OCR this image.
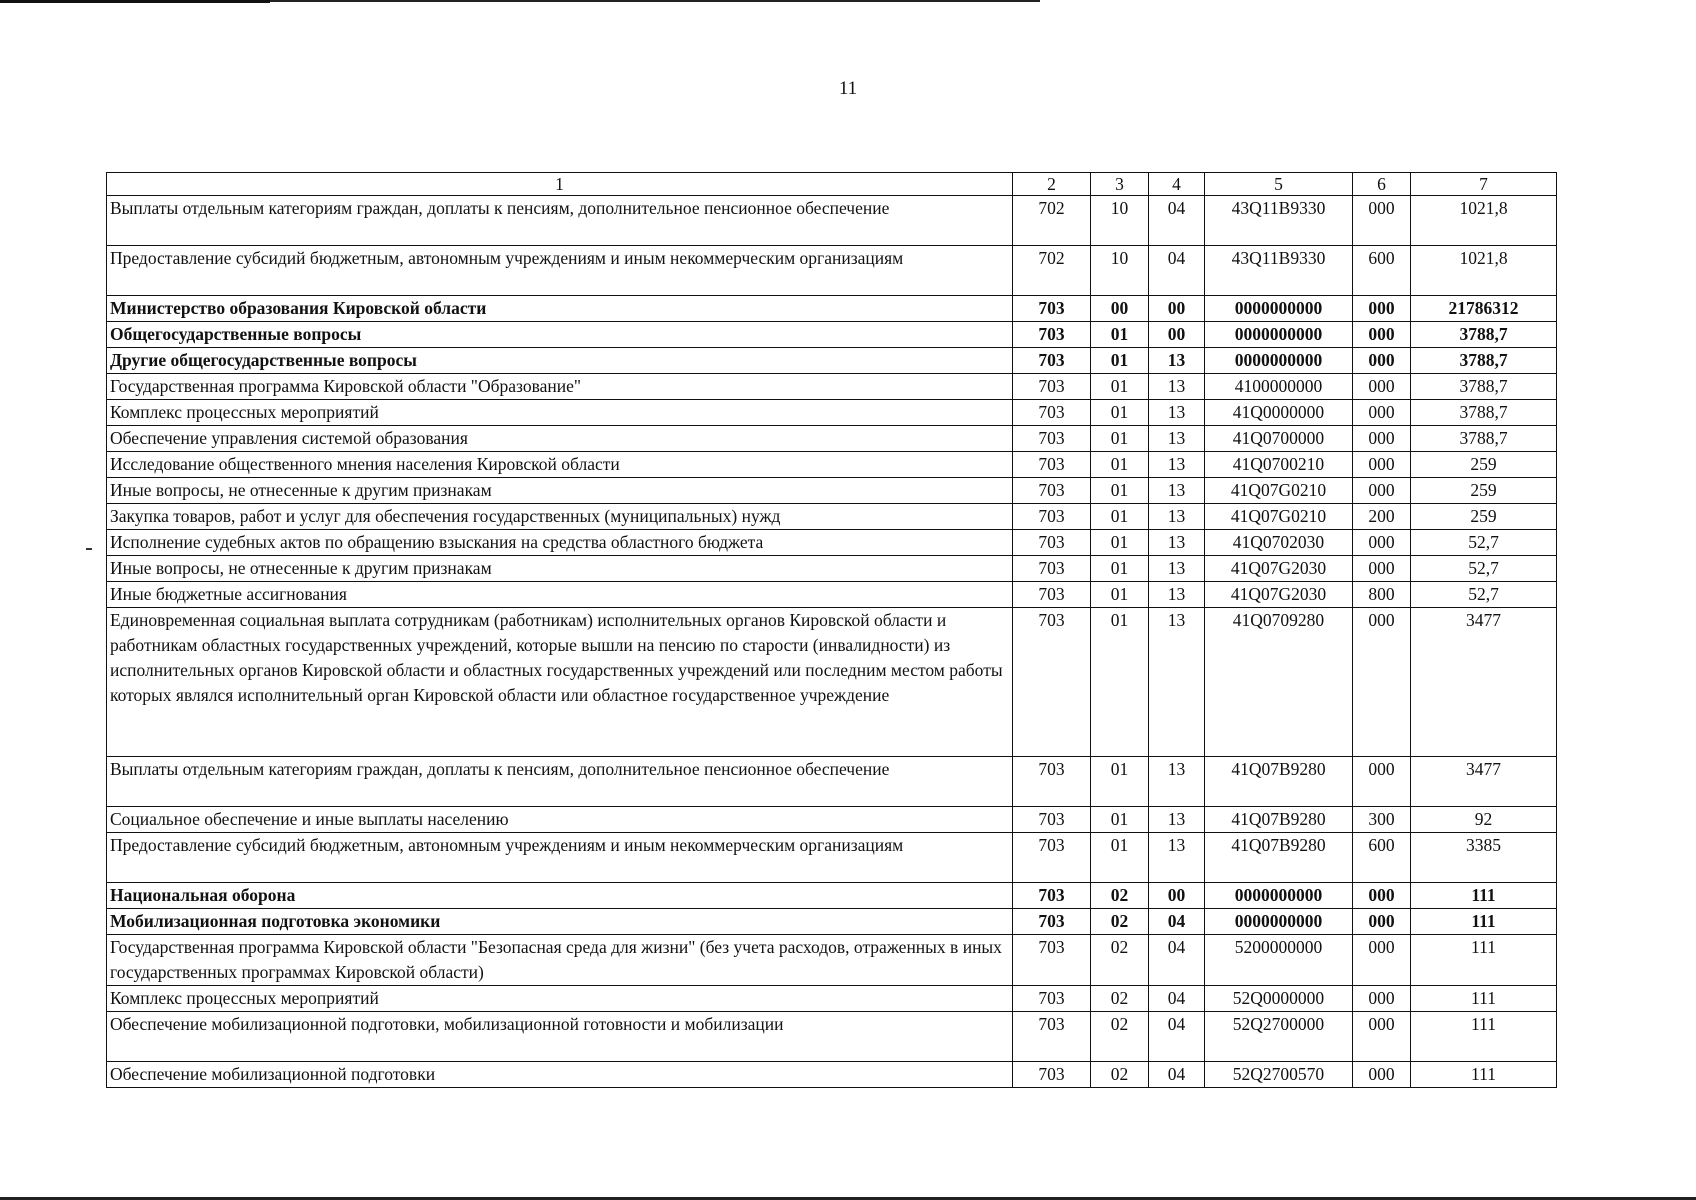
11
1	2	3	4	5	6	7
Выплаты отдельным категориям граждан, доплаты к пенсиям, дополнительное пенсионное обеспечение	702	10	04	43Q11B9330	000	1021,8
Предоставление субсидий бюджетным, автономным учреждениям и иным некоммерческим организациям	702	10	04	43Q11B9330	600	1021,8
Министерство образования Кировской области	703	00	00	0000000000	000	21786312
Общегосударственные вопросы	703	01	00	0000000000	000	3788,7
Другие общегосударственные вопросы	703	01	13	0000000000	000	3788,7
Государственная программа Кировской области "Образование"	703	01	13	4100000000	000	3788,7
Комплекс процессных мероприятий	703	01	13	41Q0000000	000	3788,7
Обеспечение управления системой образования	703	01	13	41Q0700000	000	3788,7
Исследование общественного мнения населения Кировской области	703	01	13	41Q0700210	000	259
Иные вопросы, не отнесенные к другим признакам	703	01	13	41Q07G0210	000	259
Закупка товаров, работ и услуг для обеспечения государственных (муниципальных) нужд	703	01	13	41Q07G0210	200	259
Исполнение судебных актов по обращению взыскания на средства областного бюджета	703	01	13	41Q0702030	000	52,7
Иные вопросы, не отнесенные к другим признакам	703	01	13	41Q07G2030	000	52,7
Иные бюджетные ассигнования	703	01	13	41Q07G2030	800	52,7
Единовременная социальная выплата сотрудникам (работникам) исполнительных органов Кировской области и работникам областных государственных учреждений, которые вышли на пенсию по старости (инвалидности) из исполнительных органов Кировской области и областных государственных учреждений или последним местом работы которых являлся исполнительный орган Кировской области или областное государственное учреждение	703	01	13	41Q0709280	000	3477
Выплаты отдельным категориям граждан, доплаты к пенсиям, дополнительное пенсионное обеспечение	703	01	13	41Q07B9280	000	3477
Социальное обеспечение и иные выплаты населению	703	01	13	41Q07B9280	300	92
Предоставление субсидий бюджетным, автономным учреждениям и иным некоммерческим организациям	703	01	13	41Q07B9280	600	3385
Национальная оборона	703	02	00	0000000000	000	111
Мобилизационная подготовка экономики	703	02	04	0000000000	000	111
Государственная программа Кировской области "Безопасная среда для жизни" (без учета расходов, отраженных в иных государственных программах Кировской области)	703	02	04	5200000000	000	111
Комплекс процессных мероприятий	703	02	04	52Q0000000	000	111
Обеспечение мобилизационной подготовки, мобилизационной готовности и мобилизации	703	02	04	52Q2700000	000	111
Обеспечение мобилизационной подготовки	703	02	04	52Q2700570	000	111
